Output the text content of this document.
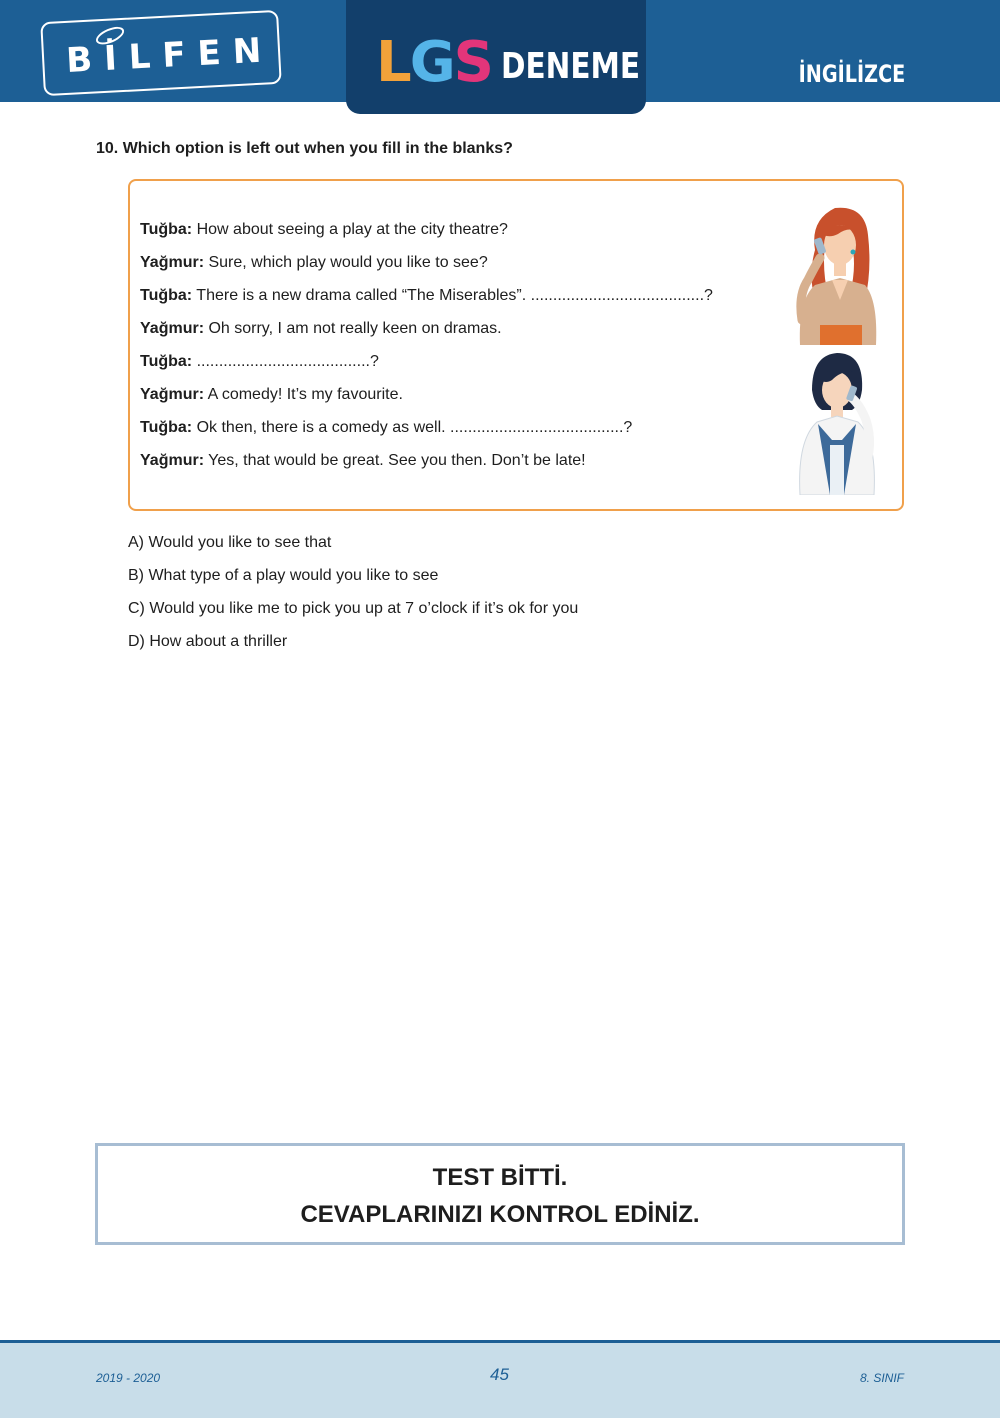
BİLFEN	İNGİLİZCE
LGS DENEME
10. Which option is left out when you fill in the blanks?
Tuğba: How about seeing a play at the city theatre?
Yağmur: Sure, which play would you like to see?
Tuğba: There is a new drama called “The Miserables”. .......................................?
Yağmur: Oh sorry, I am not really keen on dramas.
Tuğba: .......................................?
Yağmur: A comedy! It’s my favourite.
Tuğba: Ok then, there is a comedy as well. .......................................?
Yağmur: Yes, that would be great. See you then. Don’t be late!
A) Would you like to see that
B) What type of a play would you like to see
C) Would you like me to pick you up at 7 o’clock if it’s ok for you
D) How about a thriller
TEST BİTTİ.
CEVAPLARINIZI KONTROL EDİNİZ.
2019 - 2020	45	8. SINIF
